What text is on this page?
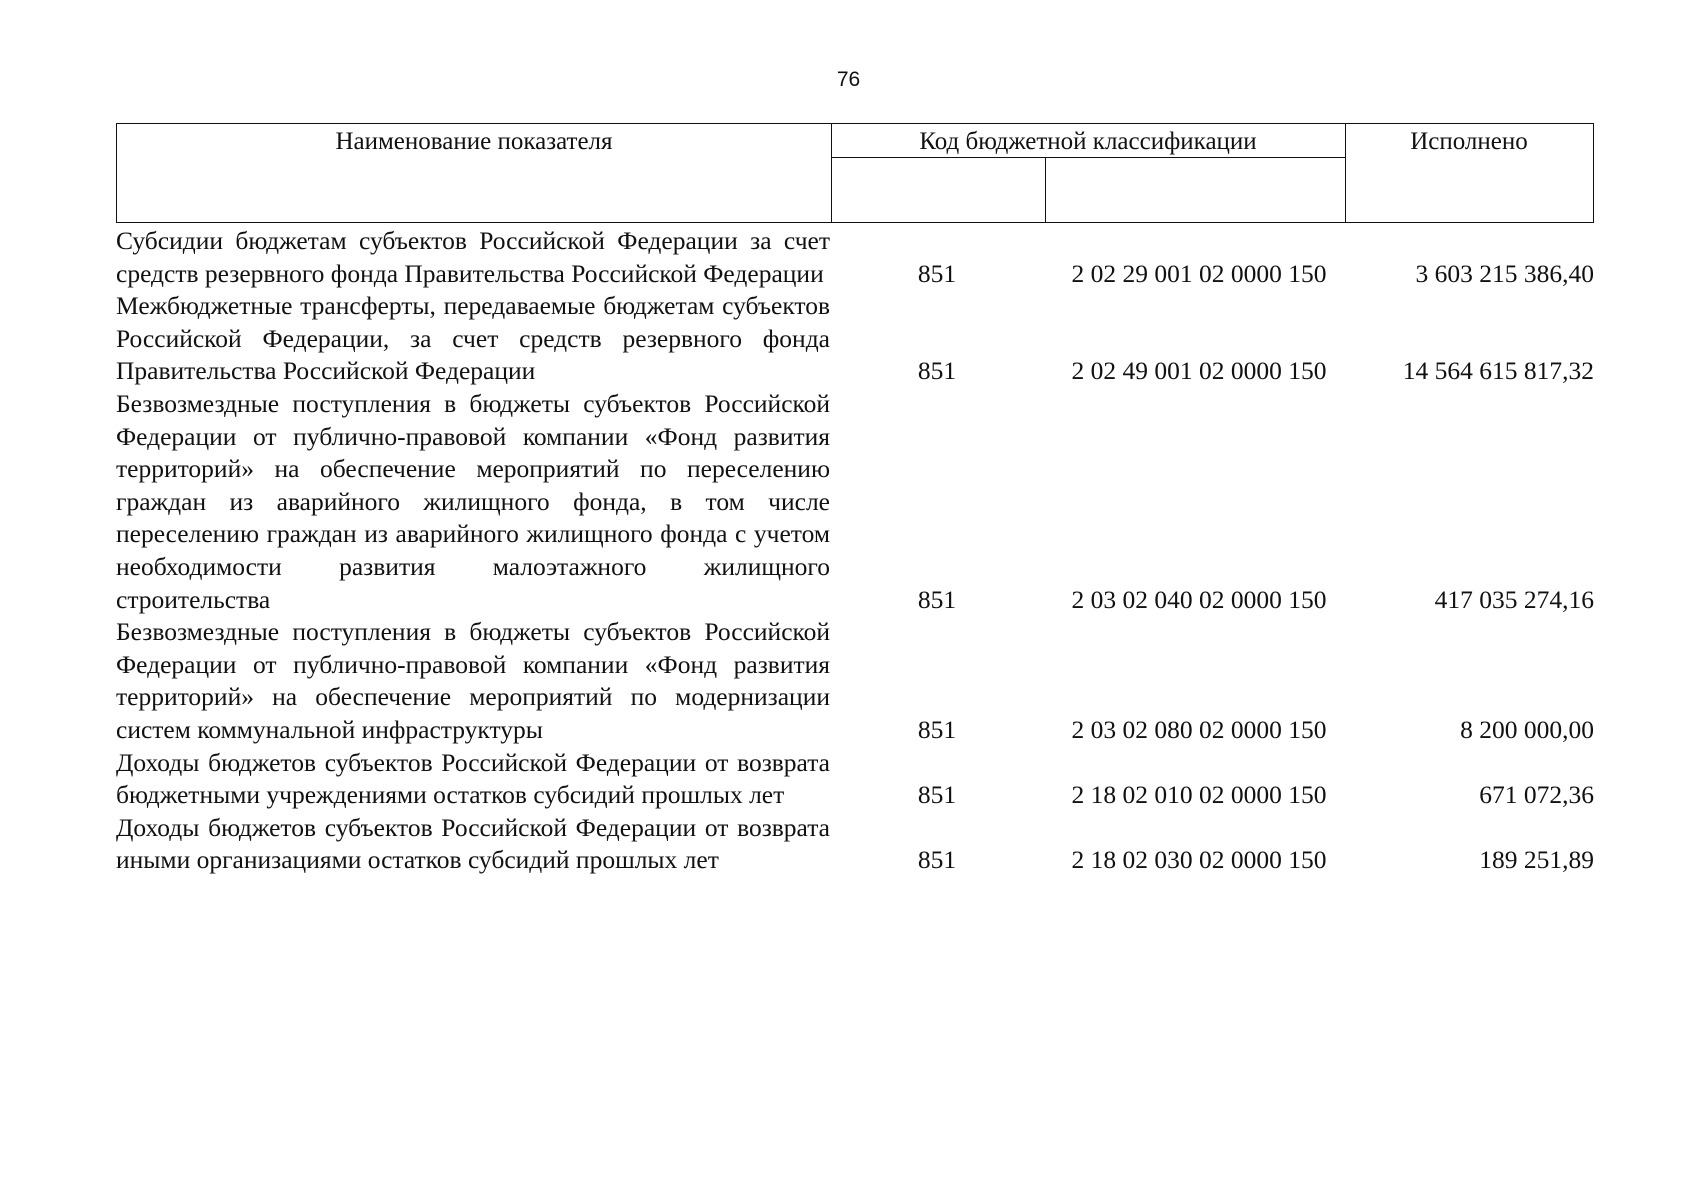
76
Наименование показателя	Код бюджетной классификации	Исполнено
Субсидии бюджетам субъектов Российской Федерации за счет средств резервного фонда Правительства Российской Федерации	851	2 02 29 001 02 0000 150	3 603 215 386,40
Межбюджетные трансферты, передаваемые бюджетам субъектов Российской Федерации, за счет средств резервного фонда Правительства Российской Федерации	851	2 02 49 001 02 0000 150	14 564 615 817,32
Безвозмездные поступления в бюджеты субъектов Российской Федерации от публично-правовой компании «Фонд развития территорий» на обеспечение мероприятий по переселению граждан из аварийного жилищного фонда, в том числе переселению граждан из аварийного жилищного фонда с учетом необходимости развития малоэтажного жилищного строительства	851	2 03 02 040 02 0000 150	417 035 274,16
Безвозмездные поступления в бюджеты субъектов Российской Федерации от публично-правовой компании «Фонд развития территорий» на обеспечение мероприятий по модернизации систем коммунальной инфраструктуры	851	2 03 02 080 02 0000 150	8 200 000,00
Доходы бюджетов субъектов Российской Федерации от возврата бюджетными учреждениями остатков субсидий прошлых лет	851	2 18 02 010 02 0000 150	671 072,36
Доходы бюджетов субъектов Российской Федерации от возврата иными организациями остатков субсидий прошлых лет	851	2 18 02 030 02 0000 150	189 251,89
